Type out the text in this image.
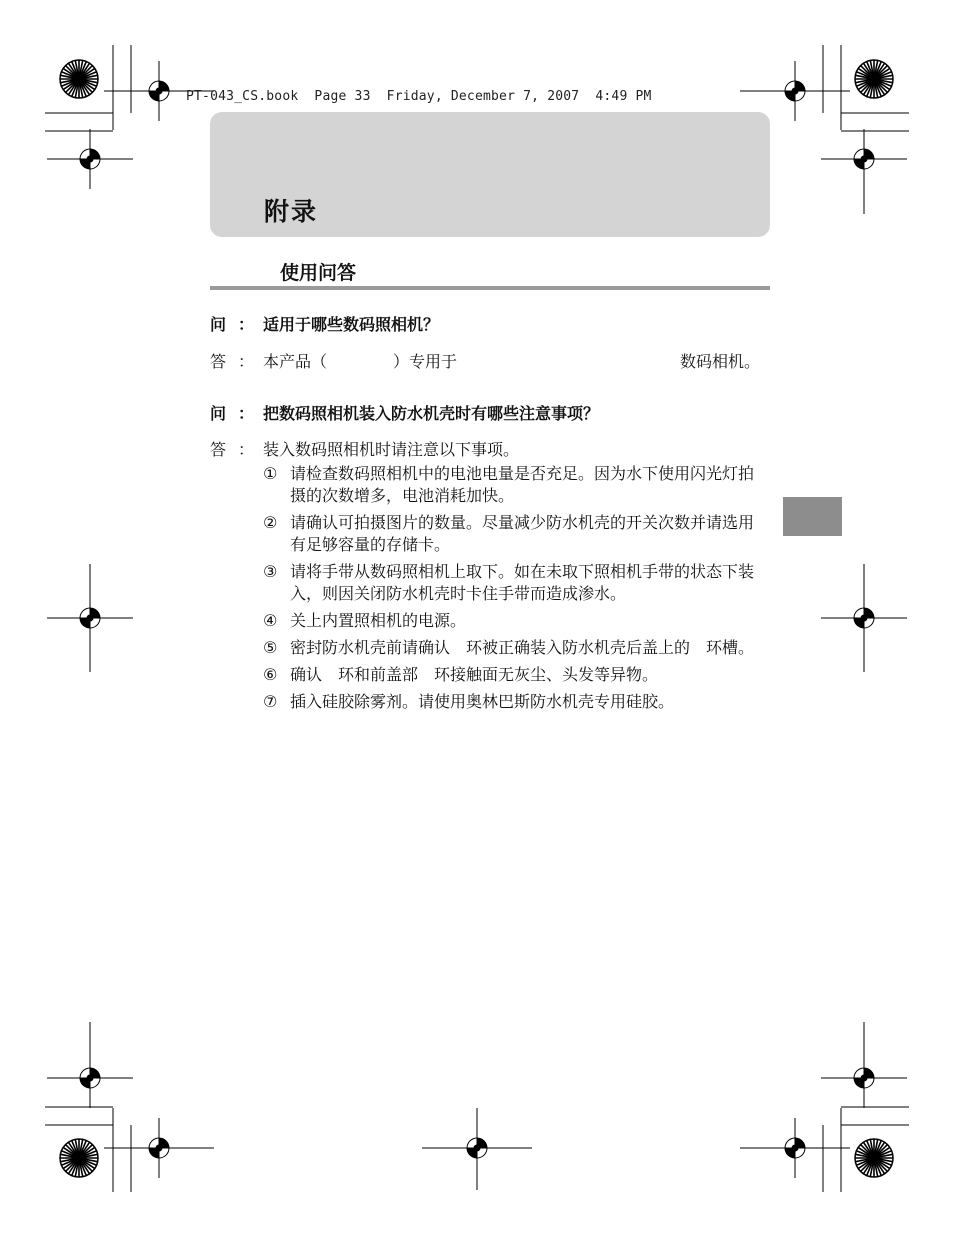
PT-043_CS.book  Page 33  Friday, December 7, 2007  4:49 PM
附录
使用问答
问 ： 适用于哪些数码照相机？
答 ： 本产品（	）专用于	数码相机。
问 ： 把数码照相机装入防水机壳时有哪些注意事项？
答 ： 装入数码照相机时请注意以下事项。
① 请检查数码照相机中的电池电量是否充足。因为水下使用闪光灯拍摄的次数增多，电池消耗加快。
② 请确认可拍摄图片的数量。尽量减少防水机壳的开关次数并请选用有足够容量的存储卡。
③ 请将手带从数码照相机上取下。如在未取下照相机手带的状态下装入，则因关闭防水机壳时卡住手带而造成渗水。
④ 关上内置照相机的电源。
⑤ 密封防水机壳前请确认　环被正确装入防水机壳后盖上的　环槽。
⑥ 确认　环和前盖部　环接触面无灰尘、头发等异物。
⑦ 插入硅胶除雾剂。请使用奥林巴斯防水机壳专用硅胶。
